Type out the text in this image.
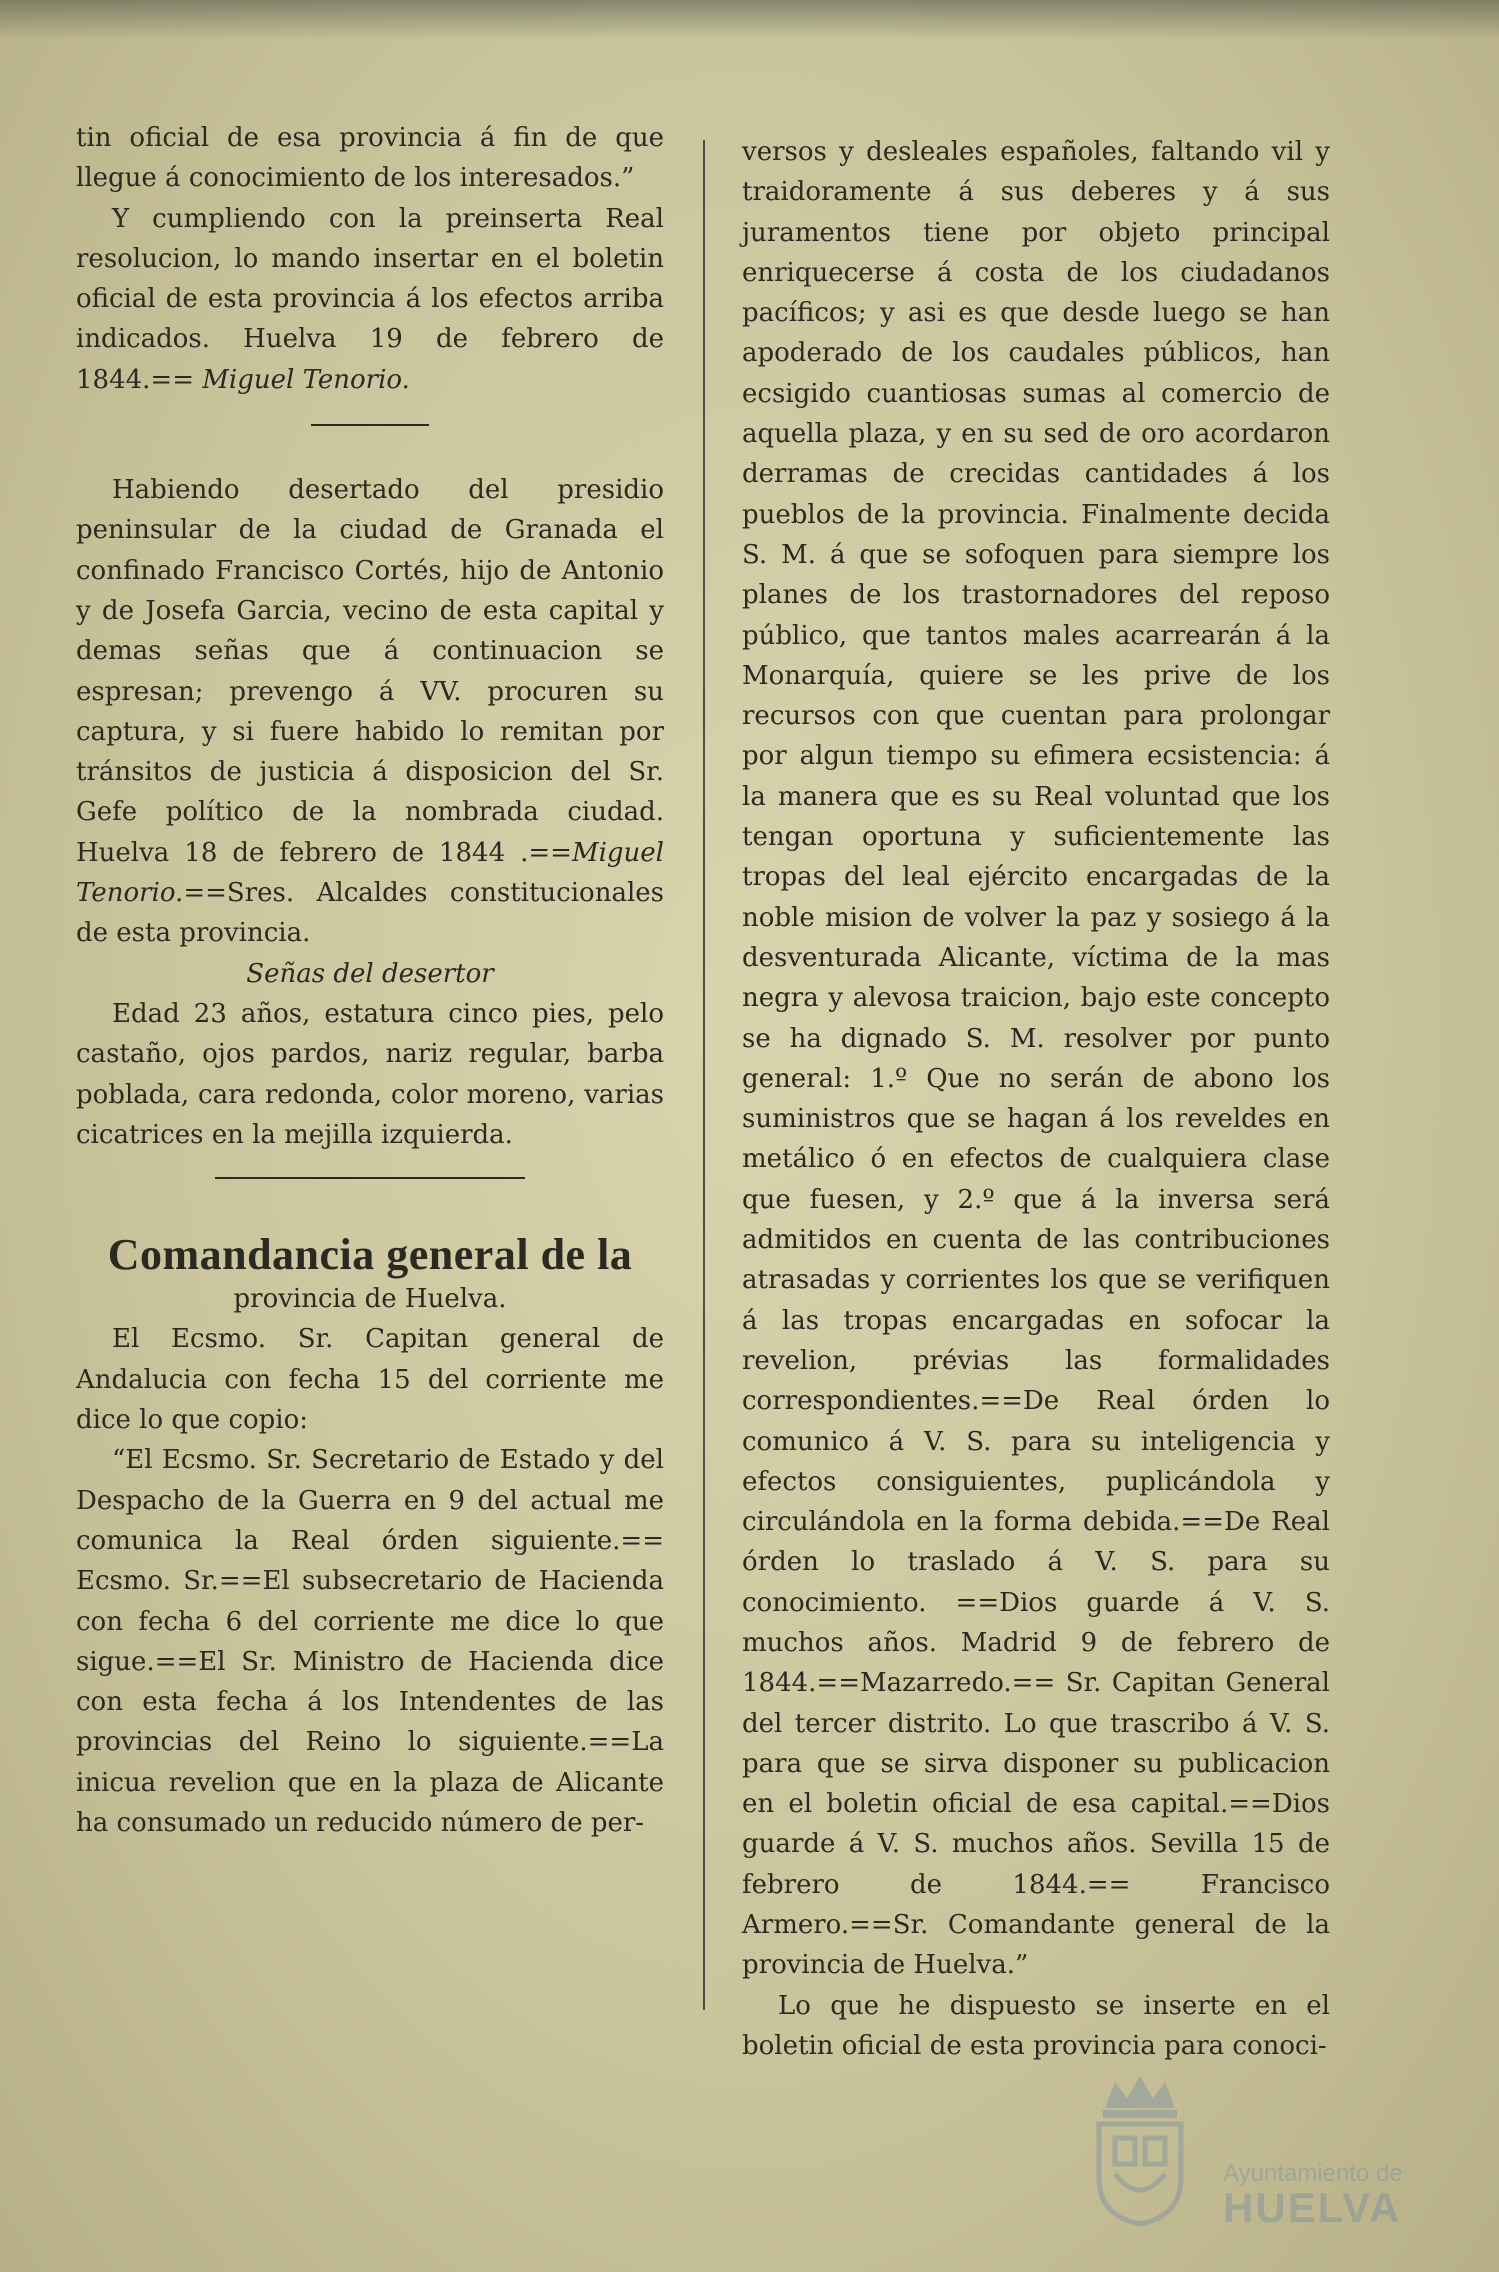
tin oficial de esa provincia á fin de que llegue á conocimiento de los interesados.”

Y cumpliendo con la preinserta Real resolucion, lo mando insertar en el boletin oficial de esta provincia á los efectos arriba indicados. Huelva 19 de febrero de 1844.== Miguel Tenorio.

Habiendo desertado del presidio peninsular de la ciudad de Granada el confinado Francisco Cortés, hijo de Antonio y de Josefa Garcia, vecino de esta capital y demas señas que á continuacion se espresan; prevengo á VV. procuren su captura, y si fuere habido lo remitan por tránsitos de justicia á disposicion del Sr. Gefe político de la nombrada ciudad. Huelva 18 de febrero de 1844 .==Miguel Tenorio.==Sres. Alcaldes constitucionales de esta provincia.

Señas del desertor

Edad 23 años, estatura cinco pies, pelo castaño, ojos pardos, nariz regular, barba poblada, cara redonda, color moreno, varias cicatrices en la mejilla izquierda.

Comandancia general de la

provincia de Huelva.

El Ecsmo. Sr. Capitan general de Andalucia con fecha 15 del corriente me dice lo que copio:

“El Ecsmo. Sr. Secretario de Estado y del Despacho de la Guerra en 9 del actual me comunica la Real órden siguiente.== Ecsmo. Sr.==El subsecretario de Hacienda con fecha 6 del corriente me dice lo que sigue.==El Sr. Ministro de Hacienda dice con esta fecha á los Intendentes de las provincias del Reino lo siguiente.==La inicua revelion que en la plaza de Alicante ha consumado un reducido número de per-

versos y desleales españoles, faltando vil y traidoramente á sus deberes y á sus juramentos tiene por objeto principal enriquecerse á costa de los ciudadanos pacíficos; y asi es que desde luego se han apoderado de los caudales públicos, han ecsigido cuantiosas sumas al comercio de aquella plaza, y en su sed de oro acordaron derramas de crecidas cantidades á los pueblos de la provincia. Finalmente decida S. M. á que se sofoquen para siempre los planes de los trastornadores del reposo público, que tantos males acarrearán á la Monarquía, quiere se les prive de los recursos con que cuentan para prolongar por algun tiempo su efimera ecsistencia: á la manera que es su Real voluntad que los tengan oportuna y suficientemente las tropas del leal ejército encargadas de la noble mision de volver la paz y sosiego á la desventurada Alicante, víctima de la mas negra y alevosa traicion, bajo este concepto se ha dignado S. M. resolver por punto general: 1.º Que no serán de abono los suministros que se hagan á los reveldes en metálico ó en efectos de cualquiera clase que fuesen, y 2.º que á la inversa será admitidos en cuenta de las contribuciones atrasadas y corrientes los que se verifiquen á las tropas encargadas en sofocar la revelion, prévias las formalidades correspondientes.==De Real órden lo comunico á V. S. para su inteligencia y efectos consiguientes, puplicándola y circulándola en la forma debida.==De Real órden lo traslado á V. S. para su conocimiento. ==Dios guarde á V. S. muchos años. Madrid 9 de febrero de 1844.==Mazarredo.== Sr. Capitan General del tercer distrito. Lo que trascribo á V. S. para que se sirva disponer su publicacion en el boletin oficial de esa capital.==Dios guarde á V. S. muchos años. Sevilla 15 de febrero de 1844.== Francisco Armero.==Sr. Comandante general de la provincia de Huelva.”

Lo que he dispuesto se inserte en el boletin oficial de esta provincia para conoci-

Ayuntamiento de
HUELVA
